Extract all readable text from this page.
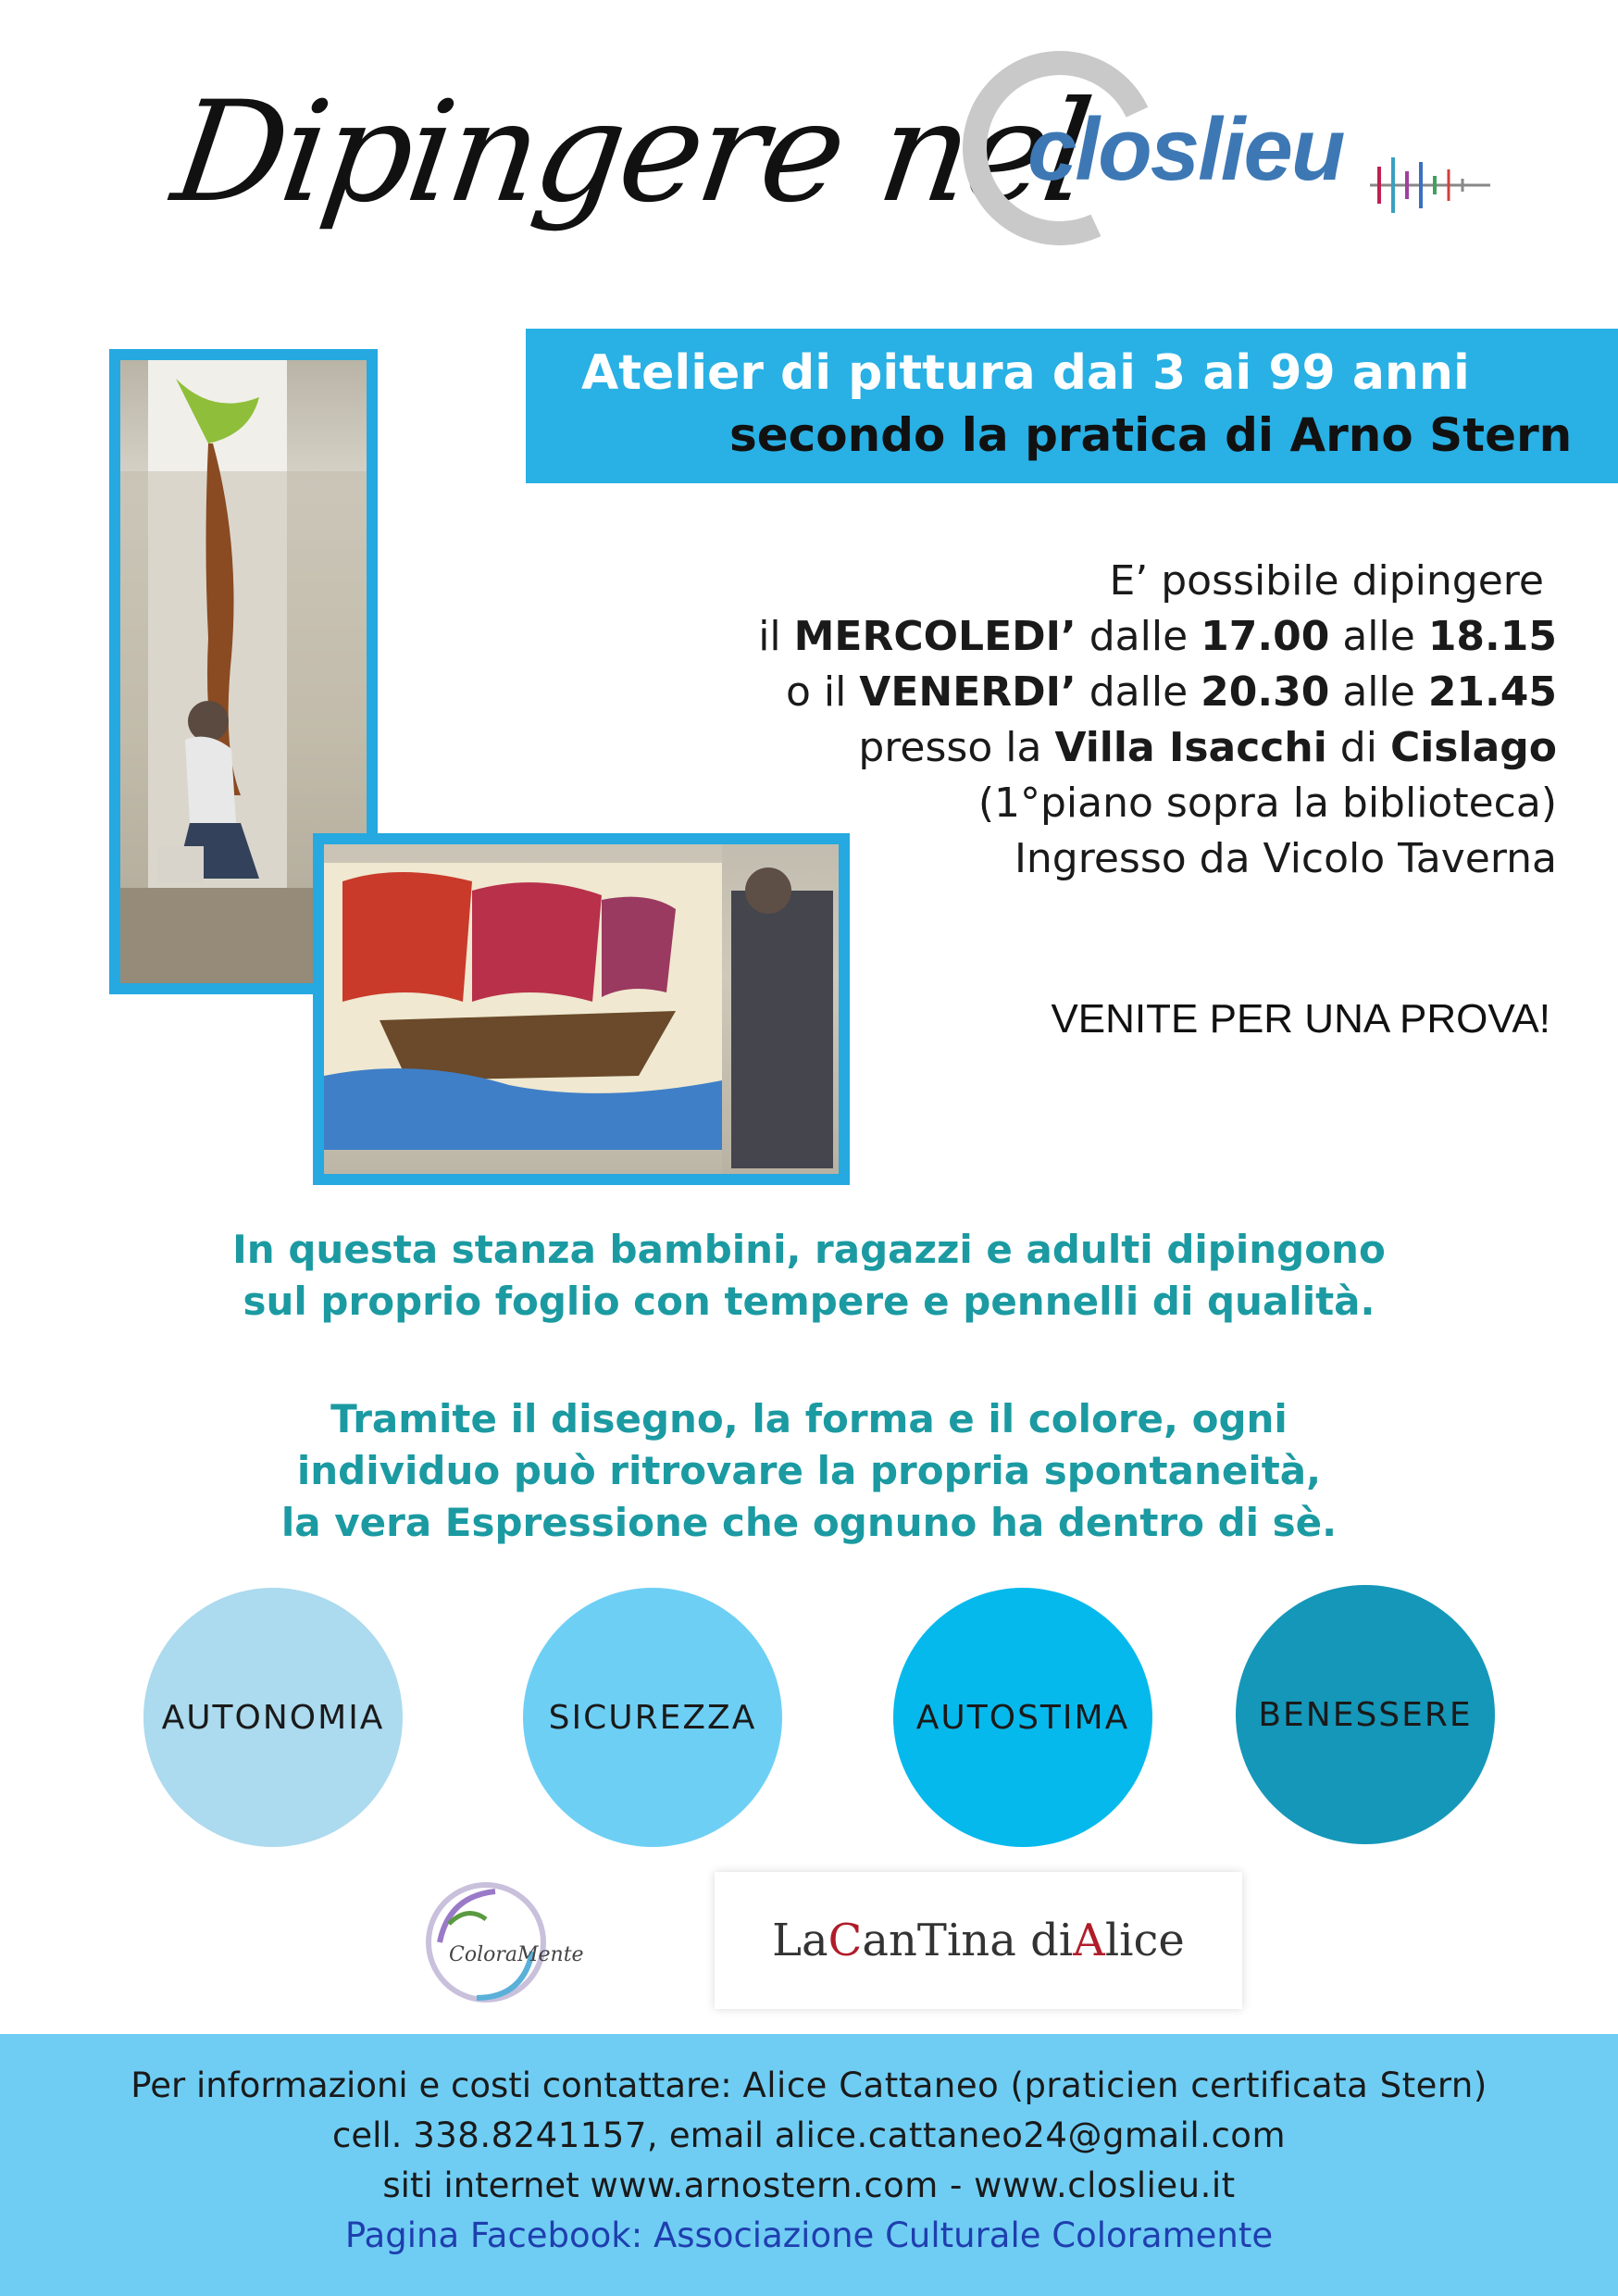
Dipingere nel
closlieu
Atelier di pittura dai 3 ai 99 anni
secondo la pratica di Arno Stern
E’ possibile dipingere
il MERCOLEDI’ dalle 17.00 alle 18.15
o il VENERDI’ dalle 20.30 alle 21.45
presso la Villa Isacchi di Cislago
(1°piano sopra la biblioteca)
Ingresso da Vicolo Taverna
VENITE PER UNA PROVA!
In questa stanza bambini, ragazzi e adulti dipingono
sul proprio foglio con tempere e pennelli di qualità.
Tramite il disegno, la forma e il colore, ogni
individuo può ritrovare la propria spontaneità,
la vera Espressione che ognuno ha dentro di sè.
AUTONOMIA	SICUREZZA	AUTOSTIMA	BENESSERE
ColoraMente	La C anTina di A lice
Per informazioni e costi contattare: Alice Cattaneo (praticien certificata Stern)
cell. 338.8241157, email alice.cattaneo24@gmail.com
siti internet www.arnostern.com - www.closlieu.it
Pagina Facebook: Associazione Culturale Coloramente
